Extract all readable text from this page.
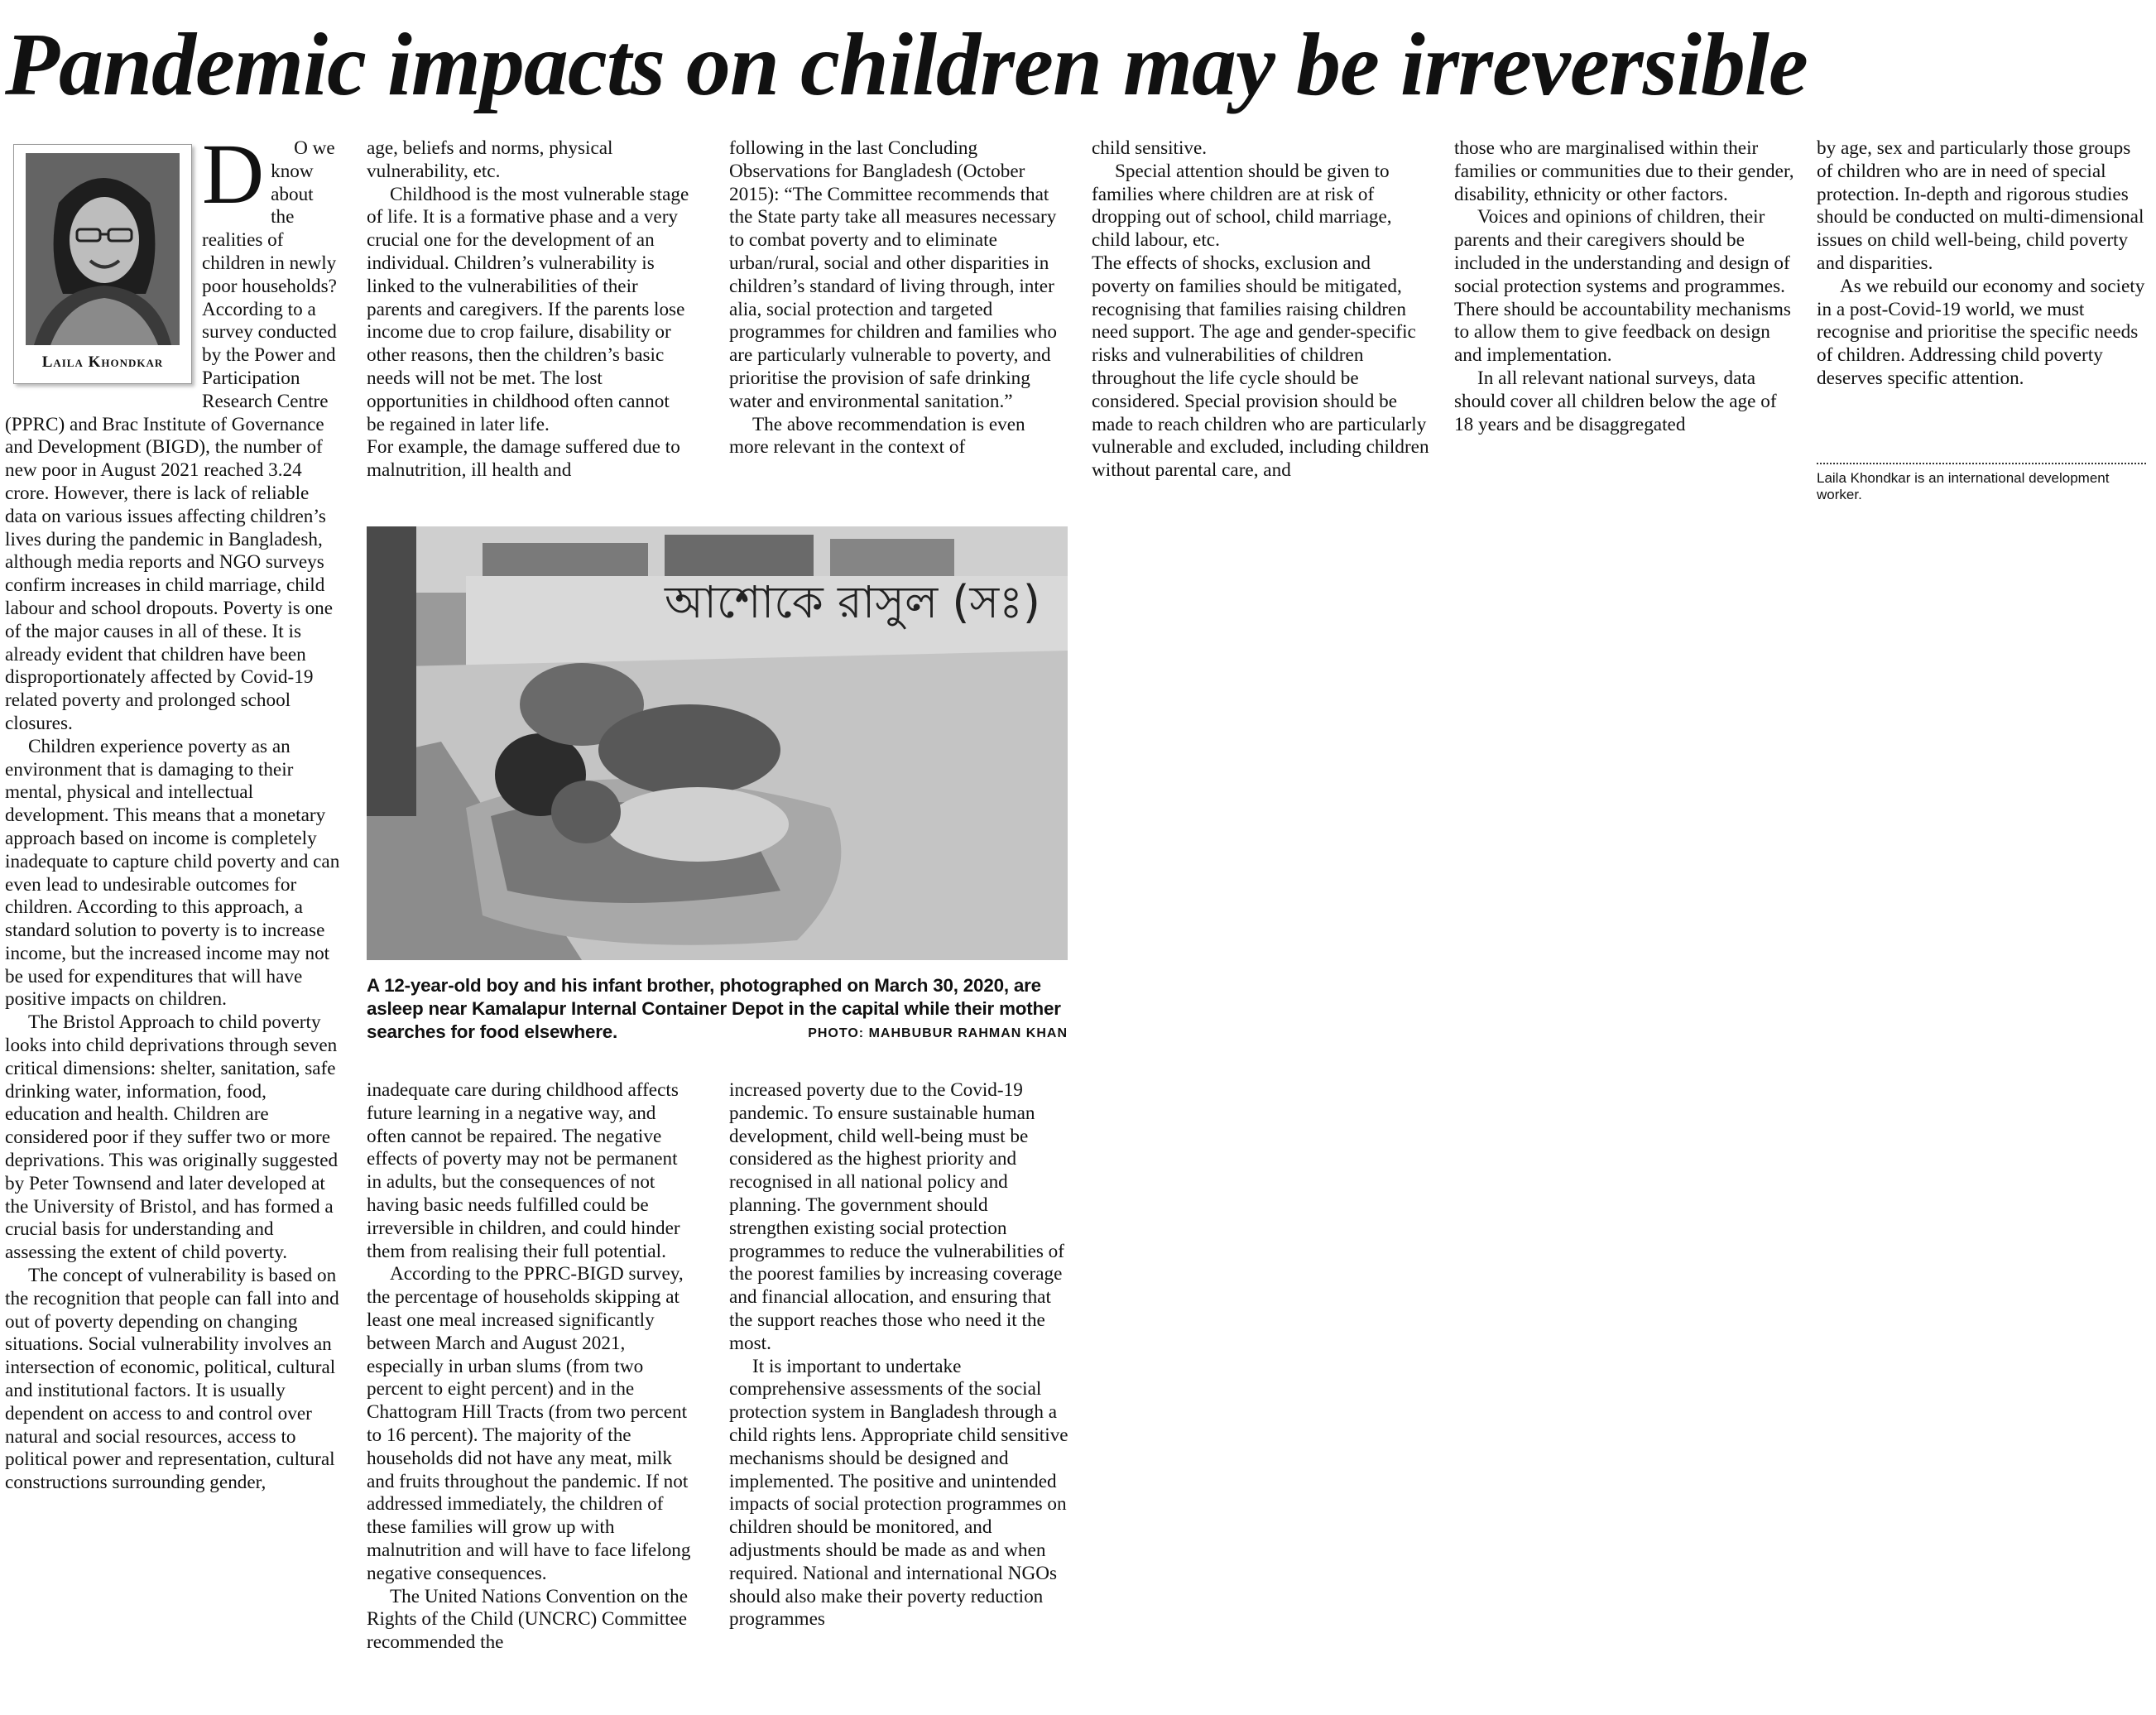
Pandemic impacts on children may be irreversible
Laila Khondkar
D	O we know about the realities of children in newly poor households? According to a survey conducted by the Power and Participation Research Centre (PPRC) and Brac Institute of Governance and Development (BIGD), the number of new poor in August 2021 reached 3.24 crore. However, there is lack of reliable data on various issues affecting children’s lives during the pandemic in Bangladesh, although media reports and NGO surveys confirm increases in child marriage, child labour and school dropouts. Poverty is one of the major causes in all of these. It is already evident that children have been disproportionately affected by Covid-19 related poverty and prolonged school closures.

Children experience poverty as an environment that is damaging to their mental, physical and intellectual development. This means that a monetary approach based on income is completely inadequate to capture child poverty and can even lead to undesirable outcomes for children. According to this approach, a standard solution to poverty is to increase income, but the increased income may not be used for expenditures that will have positive impacts on children.

The Bristol Approach to child poverty looks into child deprivations through seven critical dimensions: shelter, sanitation, safe drinking water, information, food, education and health. Children are considered poor if they suffer two or more deprivations. This was originally suggested by Peter Townsend and later developed at the University of Bristol, and has formed a crucial basis for understanding and assessing the extent of child poverty.

The concept of vulnerability is based on the recognition that people can fall into and out of poverty depending on changing situations. Social vulnerability involves an intersection of economic, political, cultural and institutional factors. It is usually dependent on access to and control over natural and social resources, access to political power and representation, cultural constructions surrounding gender,

age, beliefs and norms, physical vulnerability, etc.

Childhood is the most vulnerable stage of life. It is a formative phase and a very crucial one for the development of an individual. Children’s vulnerability is linked to the vulnerabilities of their parents and caregivers. If the parents lose income due to crop failure, disability or other reasons, then the children’s basic needs will not be met. The lost opportunities in childhood often cannot be regained in later life.

For example, the damage suffered due to malnutrition, ill health and

following in the last Concluding Observations for Bangladesh (October 2015): “The Committee recommends that the State party take all measures necessary to combat poverty and to eliminate urban/rural, social and other disparities in children’s standard of living through, inter alia, social protection and targeted programmes for children and families who are particularly vulnerable to poverty, and prioritise the provision of safe drinking water and environmental sanitation.”

The above recommendation is even more relevant in the context of

আশোকে রাসুল (সঃ)
A 12-year-old boy and his infant brother, photographed on March 30, 2020, are asleep near Kamalapur Internal Container Depot in the capital while their mother searches for food elsewhere.	PHOTO: MAHBUBUR RAHMAN KHAN

inadequate care during childhood affects future learning in a negative way, and often cannot be repaired. The negative effects of poverty may not be permanent in adults, but the consequences of not having basic needs fulfilled could be irreversible in children, and could hinder them from realising their full potential.

According to the PPRC-BIGD survey, the percentage of households skipping at least one meal increased significantly between March and August 2021, especially in urban slums (from two percent to eight percent) and in the Chattogram Hill Tracts (from two percent to 16 percent). The majority of the households did not have any meat, milk and fruits throughout the pandemic. If not addressed immediately, the children of these families will grow up with malnutrition and will have to face lifelong negative consequences.

The United Nations Convention on the Rights of the Child (UNCRC) Committee recommended the

increased poverty due to the Covid-19 pandemic. To ensure sustainable human development, child well-being must be considered as the highest priority and recognised in all national policy and planning. The government should strengthen existing social protection programmes to reduce the vulnerabilities of the poorest families by increasing coverage and financial allocation, and ensuring that the support reaches those who need it the most.

It is important to undertake comprehensive assessments of the social protection system in Bangladesh through a child rights lens. Appropriate child sensitive mechanisms should be designed and implemented. The positive and unintended impacts of social protection programmes on children should be monitored, and adjustments should be made as and when required. National and international NGOs should also make their poverty reduction programmes

child sensitive.

Special attention should be given to families where children are at risk of dropping out of school, child marriage, child labour, etc.

The effects of shocks, exclusion and poverty on families should be mitigated, recognising that families raising children need support. The age and gender-specific risks and vulnerabilities of children throughout the life cycle should be considered. Special provision should be made to reach children who are particularly vulnerable and excluded, including children without parental care, and

those who are marginalised within their families or communities due to their gender, disability, ethnicity or other factors.

Voices and opinions of children, their parents and their caregivers should be included in the understanding and design of social protection systems and programmes. There should be accountability mechanisms to allow them to give feedback on design and implementation.

In all relevant national surveys, data should cover all children below the age of 18 years and be disaggregated

by age, sex and particularly those groups of children who are in need of special protection. In-depth and rigorous studies should be conducted on multi-dimensional issues on child well-being, child poverty and disparities.

As we rebuild our economy and society in a post-Covid-19 world, we must recognise and prioritise the specific needs of children. Addressing child poverty deserves specific attention.

Laila Khondkar is an international development worker.
